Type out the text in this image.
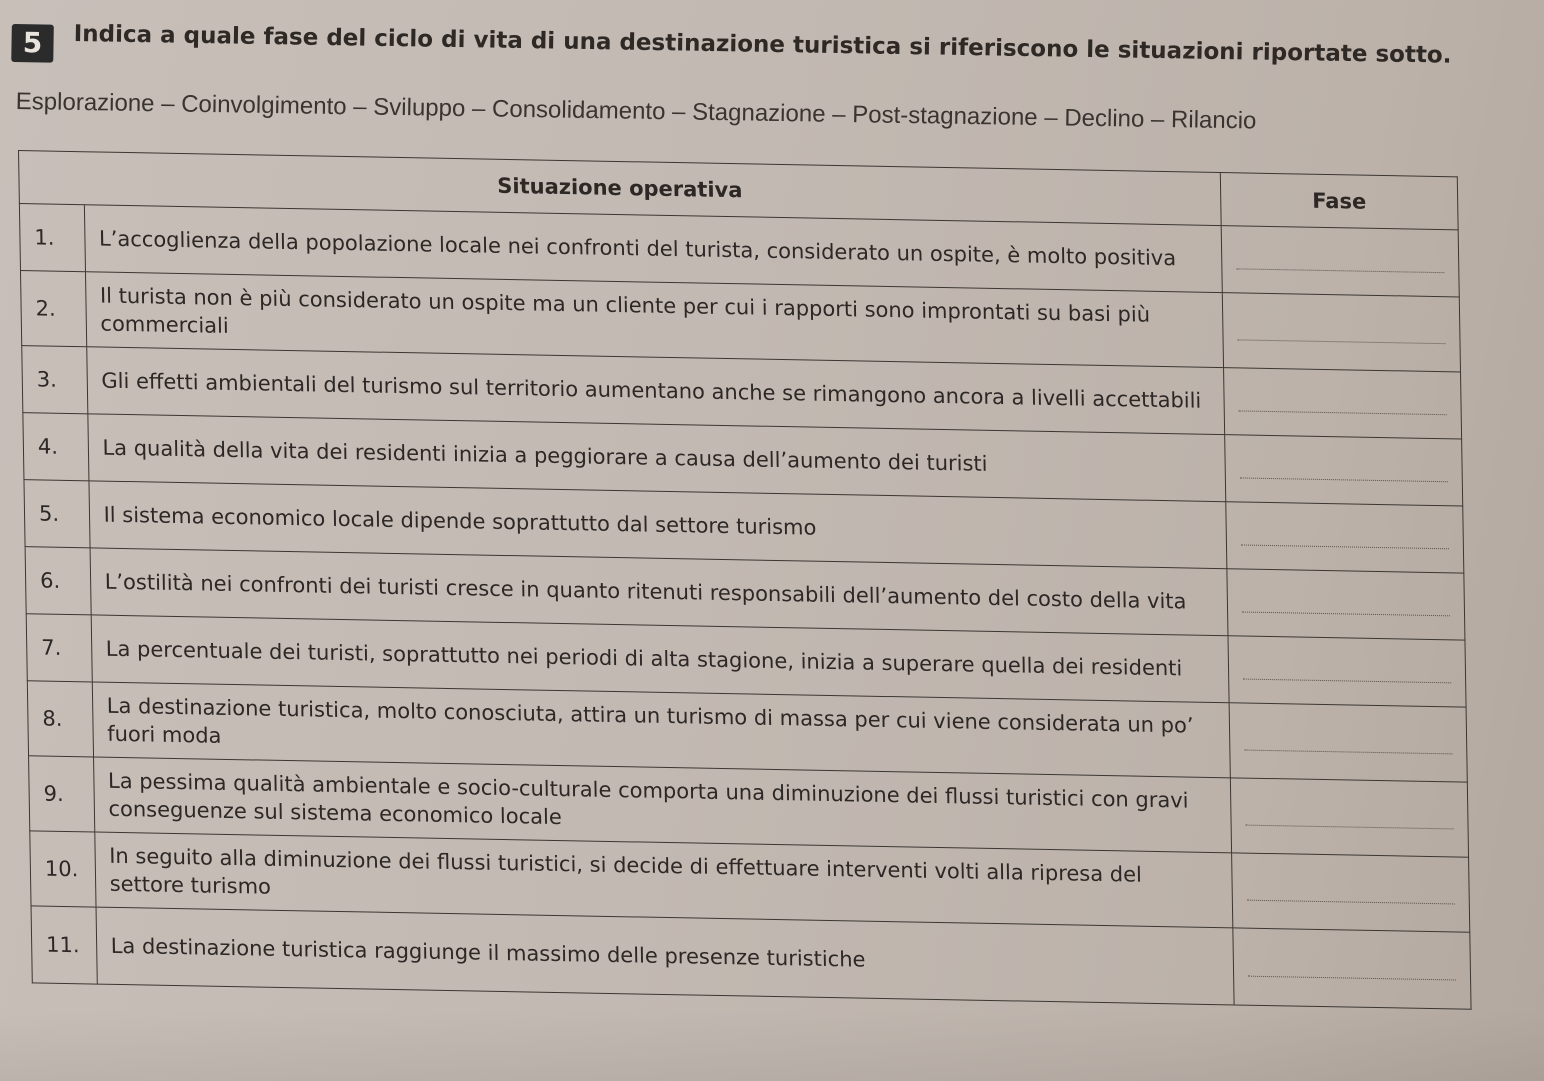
5	Indica a quale fase del ciclo di vita di una destinazione turistica si riferiscono le situazioni riportate sotto.
Esplorazione – Coinvolgimento – Sviluppo – Consolidamento – Stagnazione – Post-stagnazione – Declino – Rilancio
Situazione operativa		Fase
1.	L’accoglienza della popolazione locale nei confronti del turista, considerato un ospite, è molto positiva	

2.	Il turista non è più considerato un ospite ma un cliente per cui i rapporti sono improntati su basi più commerciali	

3.	Gli effetti ambientali del turismo sul territorio aumentano anche se rimangono ancora a livelli accettabili	

4.	La qualità della vita dei residenti inizia a peggiorare a causa dell’aumento dei turisti	

5.	Il sistema economico locale dipende soprattutto dal settore turismo	

6.	L’ostilità nei confronti dei turisti cresce in quanto ritenuti responsabili dell’aumento del costo della vita	

7.	La percentuale dei turisti, soprattutto nei periodi di alta stagione, inizia a superare quella dei residenti	

8.	La destinazione turistica, molto conosciuta, attira un turismo di massa per cui viene considerata un po’ fuori moda	

9.	La pessima qualità ambientale e socio-culturale comporta una diminuzione dei flussi turistici con gravi conseguenze sul sistema economico locale	

10.	In seguito alla diminuzione dei flussi turistici, si decide di effettuare interventi volti alla ripresa del settore turismo	

11.	La destinazione turistica raggiunge il massimo delle presenze turistiche	
